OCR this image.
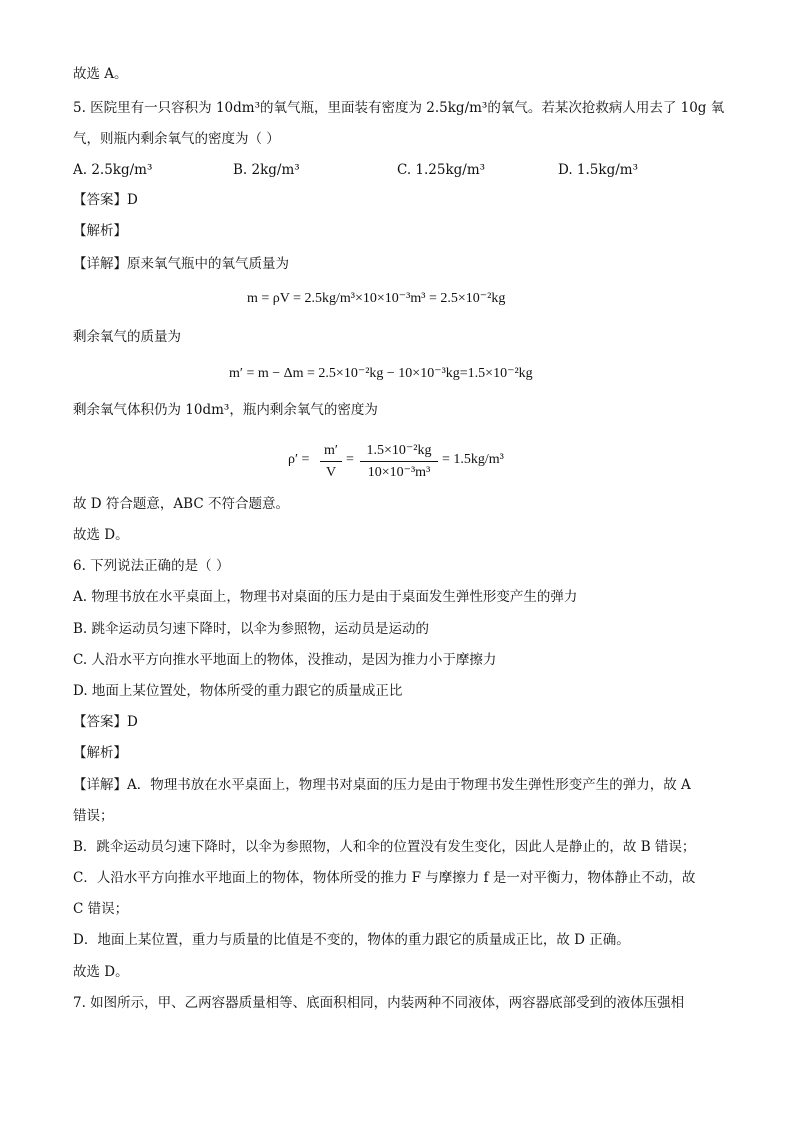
故选 A。
5. 医院里有一只容积为 10dm³的氧气瓶，里面装有密度为 2.5kg/m³的氧气。若某次抢救病人用去了 10g 氧
气，则瓶内剩余氧气的密度为（ ）
A. 2.5kg/m³	B. 2kg/m³	C. 1.25kg/m³	D. 1.5kg/m³
【答案】D
【解析】
【详解】原来氧气瓶中的氧气质量为
m = ρV = 2.5kg/m³×10×10⁻³m³ = 2.5×10⁻²kg
剩余氧气的质量为
m′ = m − Δm = 2.5×10⁻²kg − 10×10⁻³kg=1.5×10⁻²kg
剩余氧气体积仍为 10dm³，瓶内剩余氧气的密度为
ρ′ =
m′
V
=
1.5×10⁻²kg
10×10⁻³m³
= 1.5kg/m³
故 D 符合题意，ABC 不符合题意。
故选 D。
6. 下列说法正确的是（ ）
A. 物理书放在水平桌面上，物理书对桌面的压力是由于桌面发生弹性形变产生的弹力
B. 跳伞运动员匀速下降时，以伞为参照物，运动员是运动的
C. 人沿水平方向推水平地面上的物体，没推动，是因为推力小于摩擦力
D. 地面上某位置处，物体所受的重力跟它的质量成正比
【答案】D
【解析】
【详解】A．物理书放在水平桌面上，物理书对桌面的压力是由于物理书发生弹性形变产生的弹力，故 A
错误；
B．跳伞运动员匀速下降时，以伞为参照物，人和伞的位置没有发生变化，因此人是静止的，故 B 错误；
C．人沿水平方向推水平地面上的物体，物体所受的推力 F 与摩擦力 f 是一对平衡力，物体静止不动，故
C 错误；
D．地面上某位置，重力与质量的比值是不变的，物体的重力跟它的质量成正比，故 D 正确。
故选 D。
7. 如图所示，甲、乙两容器质量相等、底面积相同，内装两种不同液体，两容器底部受到的液体压强相
